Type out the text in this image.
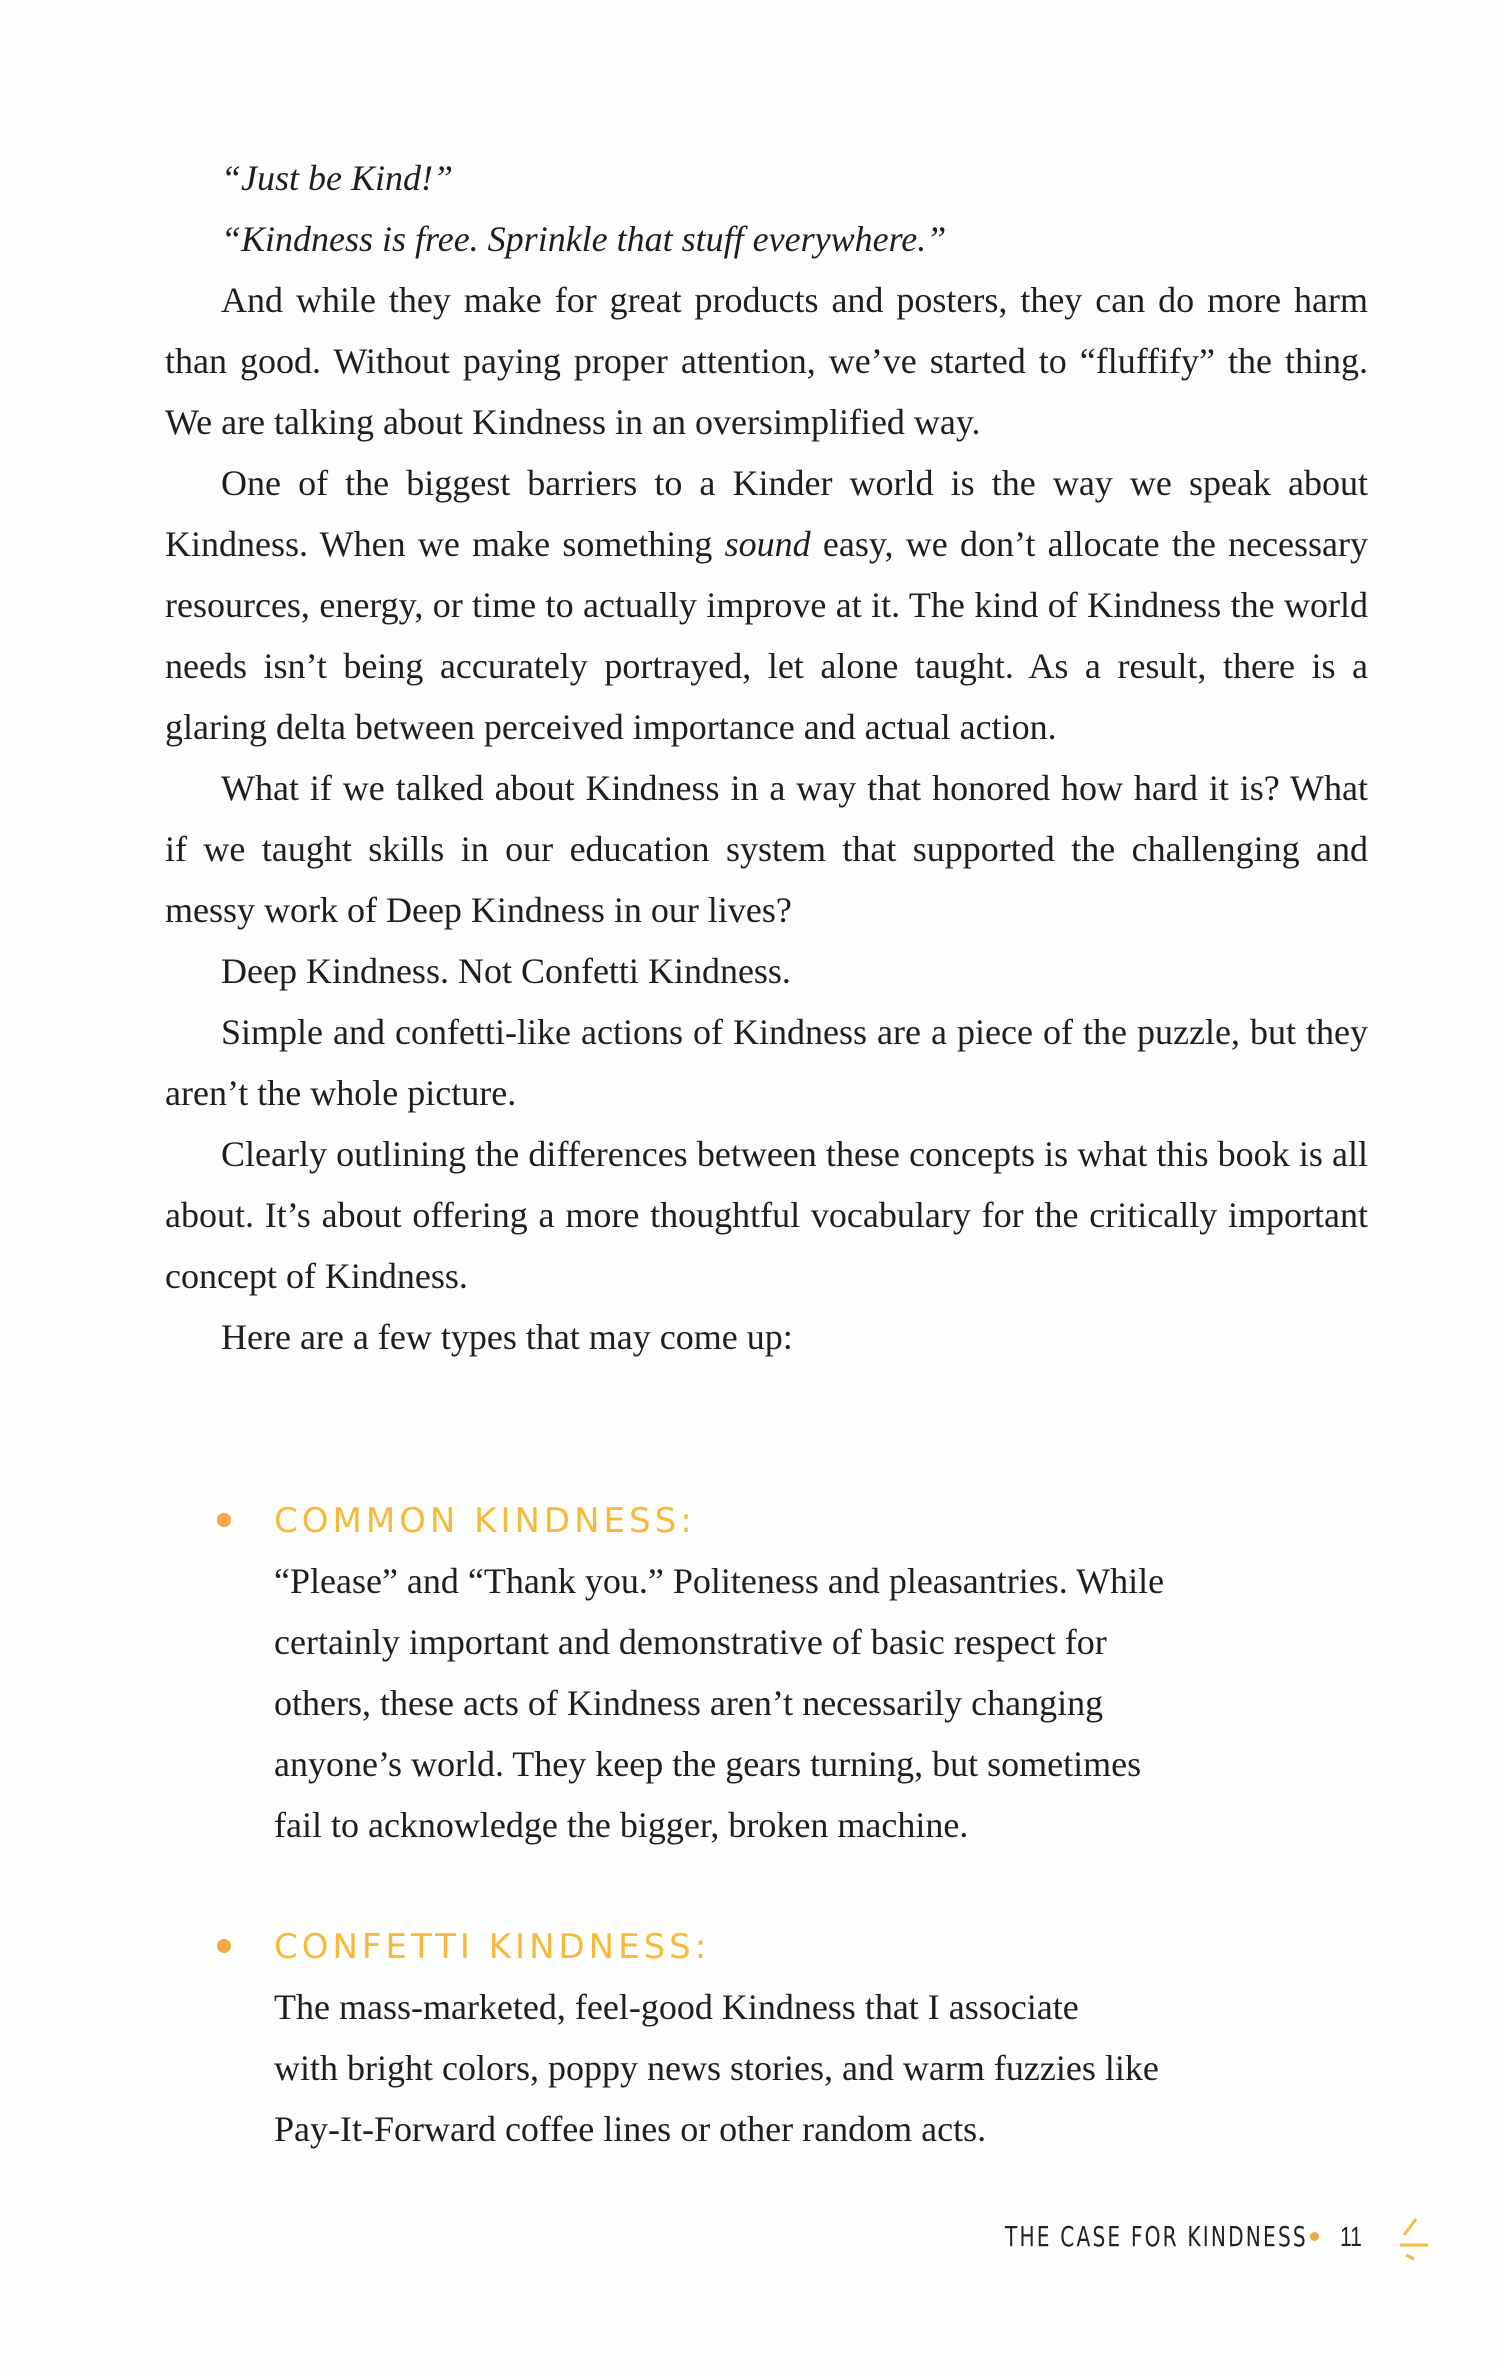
“Just be Kind!”

“Kindness is free. Sprinkle that stuff everywhere.”

And while they make for great products and posters, they can do more harm than good. Without paying proper attention, we’ve started to “fluffify” the thing. We are talking about Kindness in an oversimplified way.

One of the biggest barriers to a Kinder world is the way we speak about Kindness. When we make something sound easy, we don’t allocate the necessary resources, energy, or time to actually improve at it. The kind of Kindness the world needs isn’t being accurately portrayed, let alone taught. As a result, there is a glaring delta between perceived importance and actual action.

What if we talked about Kindness in a way that honored how hard it is? What if we taught skills in our education system that supported the challenging and messy work of Deep Kindness in our lives?

Deep Kindness. Not Confetti Kindness.

Simple and confetti-like actions of Kindness are a piece of the puzzle, but they aren’t the whole picture.

Clearly outlining the differences between these concepts is what this book is all about. It’s about offering a more thoughtful vocabulary for the critically important concept of Kindness.

Here are a few types that may come up:

COMMON KINDNESS:
“Please” and “Thank you.” Politeness and pleasantries. While
certainly important and demonstrative of basic respect for
others, these acts of Kindness aren’t necessarily changing
anyone’s world. They keep the gears turning, but sometimes
fail to acknowledge the bigger, broken machine.
CONFETTI KINDNESS:
The mass-marketed, feel-good Kindness that I associate
with bright colors, poppy news stories, and warm fuzzies like
Pay-It-Forward coffee lines or other random acts.
THE CASE FOR KINDNESS 11
